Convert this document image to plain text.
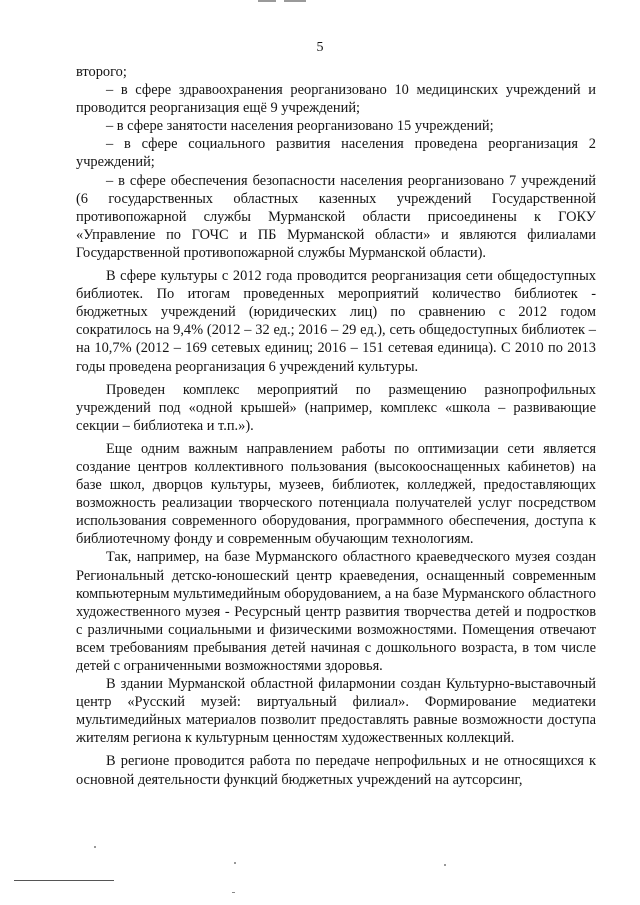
5

второго;

– в сфере здравоохранения реорганизовано 10 медицинских учреждений и проводится реорганизация ещё 9 учреждений;

– в сфере занятости населения реорганизовано 15 учреждений;

– в сфере социального развития населения проведена реорганизация 2 учреждений;

– в сфере обеспечения безопасности населения реорганизовано 7 учреждений (6 государственных областных казенных учреждений Государственной противопожарной службы Мурманской области присоединены к ГОКУ «Управление по ГОЧС и ПБ Мурманской области» и являются филиалами Государственной противопожарной службы Мурманской области).

В сфере культуры с 2012 года проводится реорганизация сети общедоступных библиотек. По итогам проведенных мероприятий количество библиотек - бюджетных учреждений (юридических лиц) по сравнению с 2012 годом сократилось на 9,4% (2012 – 32 ед.; 2016 – 29 ед.), сеть общедоступных библиотек – на 10,7% (2012 – 169 сетевых единиц; 2016 – 151 сетевая единица). С 2010 по 2013 годы проведена реорганизация 6 учреждений культуры.

Проведен комплекс мероприятий по размещению разнопрофильных учреждений под «одной крышей» (например, комплекс «школа – развивающие секции – библиотека и т.п.»).

Еще одним важным направлением работы по оптимизации сети является создание центров коллективного пользования (высокооснащенных кабинетов) на базе школ, дворцов культуры, музеев, библиотек, колледжей, предоставляющих возможность реализации творческого потенциала получателей услуг посредством использования современного оборудования, программного обеспечения, доступа к библиотечному фонду и современным обучающим технологиям.

Так, например, на базе Мурманского областного краеведческого музея создан Региональный детско-юношеский центр краеведения, оснащенный современным компьютерным мультимедийным оборудованием, а на базе Мурманского областного художественного музея - Ресурсный центр развития творчества детей и подростков с различными социальными и физическими возможностями. Помещения отвечают всем требованиям пребывания детей начиная с дошкольного возраста, в том числе детей с ограниченными возможностями здоровья.

В здании Мурманской областной филармонии создан Культурно-выставочный центр «Русский музей: виртуальный филиал». Формирование медиатеки мультимедийных материалов позволит предоставлять равные возможности доступа жителям региона к культурным ценностям художественных коллекций.

В регионе проводится работа по передаче непрофильных и не относящихся к основной деятельности функций бюджетных учреждений на аутсорсинг,
